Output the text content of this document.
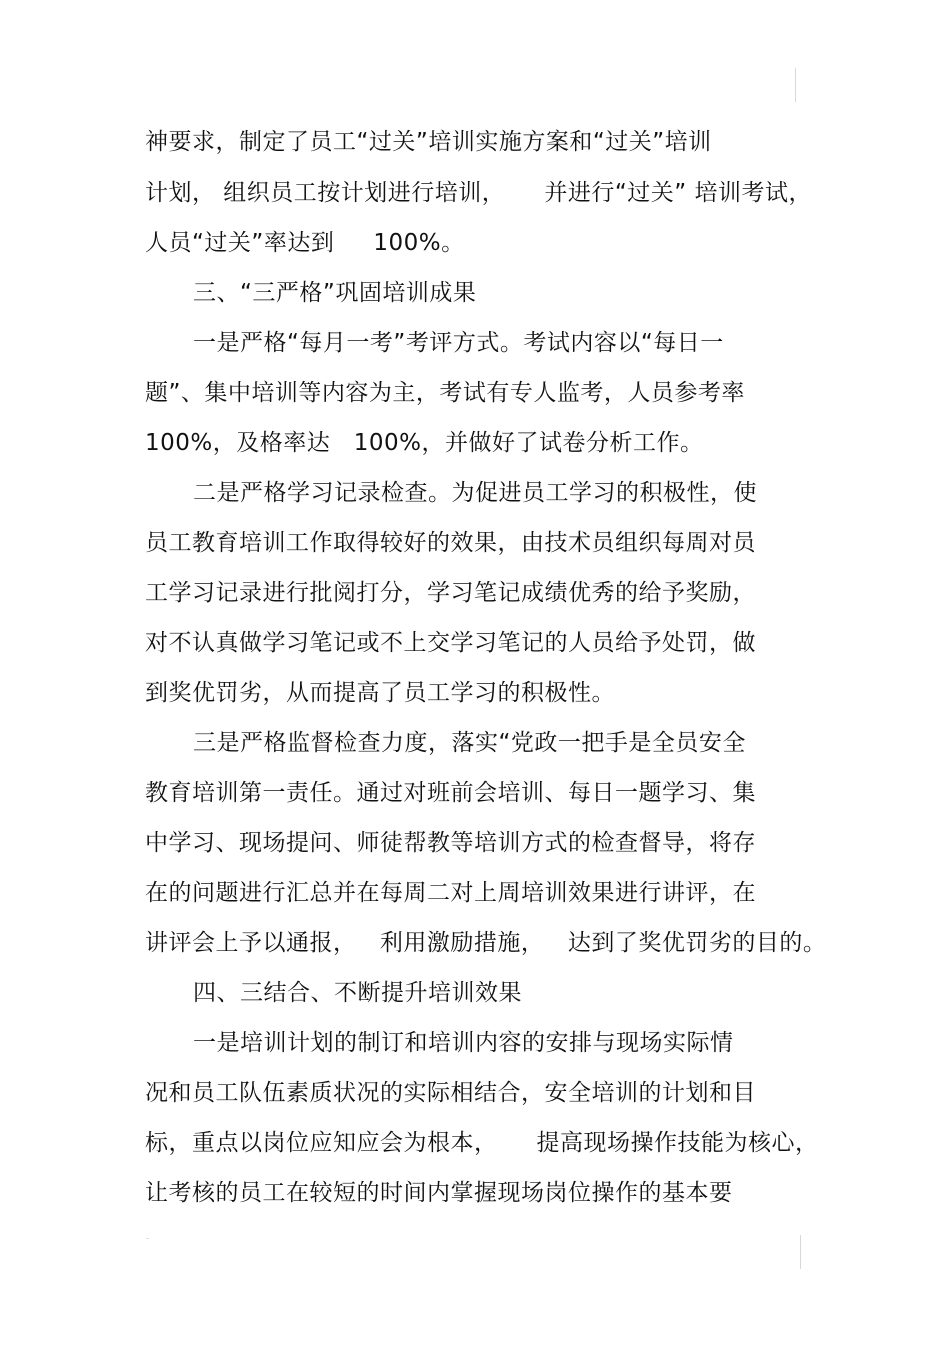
神要求，制定了员工“过关”培训实施方案和“过关”培训
计划， 组织员工按计划进行培训，     并进行“过关” 培训考试，
人员“过关”率达到     100%。
三、“三严格”巩固培训成果
一是严格“每月一考”考评方式。考试内容以“每日一
题”、集中培训等内容为主，考试有专人监考，人员参考率
100%，及格率达   100%，并做好了试卷分析工作。
二是严格学习记录检查。为促进员工学习的积极性，使
员工教育培训工作取得较好的效果，由技术员组织每周对员
工学习记录进行批阅打分，学习笔记成绩优秀的给予奖励，
对不认真做学习笔记或不上交学习笔记的人员给予处罚，做
到奖优罚劣，从而提高了员工学习的积极性。
三是严格监督检查力度，落实“党政一把手是全员安全
教育培训第一责任。通过对班前会培训、每日一题学习、集
中学习、现场提问、师徒帮教等培训方式的检查督导，将存
在的问题进行汇总并在每周二对上周培训效果进行讲评，在
讲评会上予以通报，   利用激励措施，   达到了奖优罚劣的目的。
四、三结合、不断提升培训效果
一是培训计划的制订和培训内容的安排与现场实际情
况和员工队伍素质状况的实际相结合，安全培训的计划和目
标，重点以岗位应知应会为根本，     提高现场操作技能为核心，
让考核的员工在较短的时间内掌握现场岗位操作的基本要
